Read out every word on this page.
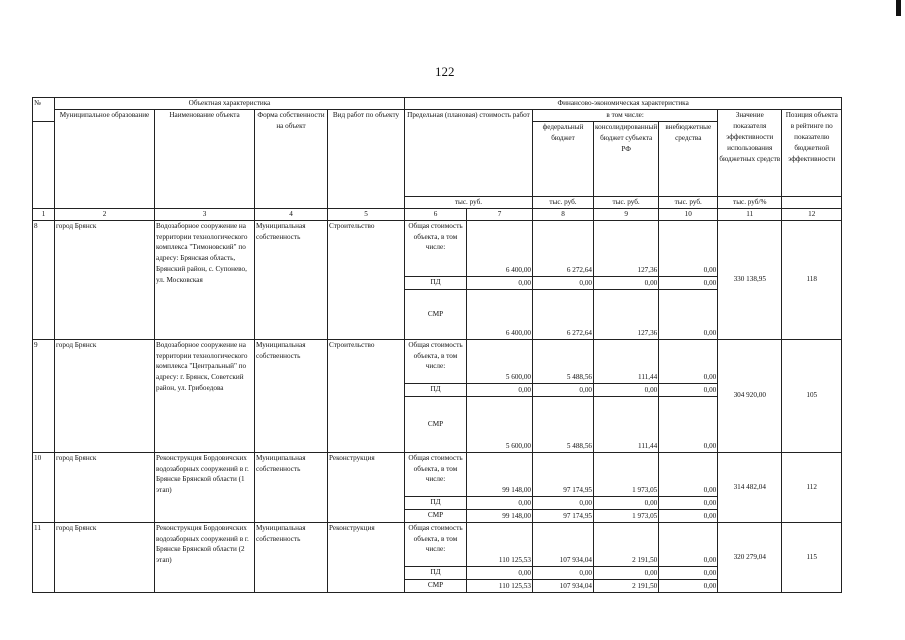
122
№	Объектная характеристика				Финансово-экономическая характеристика						
	Муниципальное образование	Наименование объекта	Форма собственности на объект	Вид работ по объекту	Предельная (плановая) стоимость работ		в том числе:			Значение показателя эффективности использования бюджетных средств	Позиция объекта в рейтинге по показателю бюджетной эффективности
							федеральный бюджет	консолидированный бюджет субъекта РФ	внебюджетные средства		
					тыс. руб.		тыс. руб.	тыс. руб.	тыс. руб.	тыс. руб/%	
1	2	3	4	5	6	7	8	9	10	11	12
8	город Брянск	Водозаборное сооружение на территории технологического комплекса "Тимоновский" по адресу: Брянская область, Брянский район, с. Супонево, ул. Московская	Муниципальная собственность	Строительство	Общая стоимость объекта, в том числе:	6 400,00	6 272,64	127,36	0,00	330 138,95	118
					ПД	0,00	0,00	0,00	0,00		
					СМР	6 400,00	6 272,64	127,36	0,00		
9	город Брянск	Водозаборное сооружение на территории технологического комплекса "Центральный" по адресу: г. Брянск, Советский район, ул. Грибоедова	Муниципальная собственность	Строительство	Общая стоимость объекта, в том числе:	5 600,00	5 488,56	111,44	0,00	304 920,00	105
					ПД	0,00	0,00	0,00	0,00		
					СМР	5 600,00	5 488,56	111,44	0,00		
10	город Брянск	Реконструкция Бордовичских водозаборных сооружений в г. Брянске Брянской области (1 этап)	Муниципальная собственность	Реконструкция	Общая стоимость объекта, в том числе:	99 148,00	97 174,95	1 973,05	0,00	314 482,04	112
					ПД	0,00	0,00	0,00	0,00		
					СМР	99 148,00	97 174,95	1 973,05	0,00		
11	город Брянск	Реконструкция Бордовичских водозаборных сооружений в г. Брянске Брянской области (2 этап)	Муниципальная собственность	Реконструкция	Общая стоимость объекта, в том числе:	110 125,53	107 934,04	2 191,50	0,00	320 279,04	115
					ПД	0,00	0,00	0,00	0,00		
					СМР	110 125,53	107 934,04	2 191,50	0,00		
